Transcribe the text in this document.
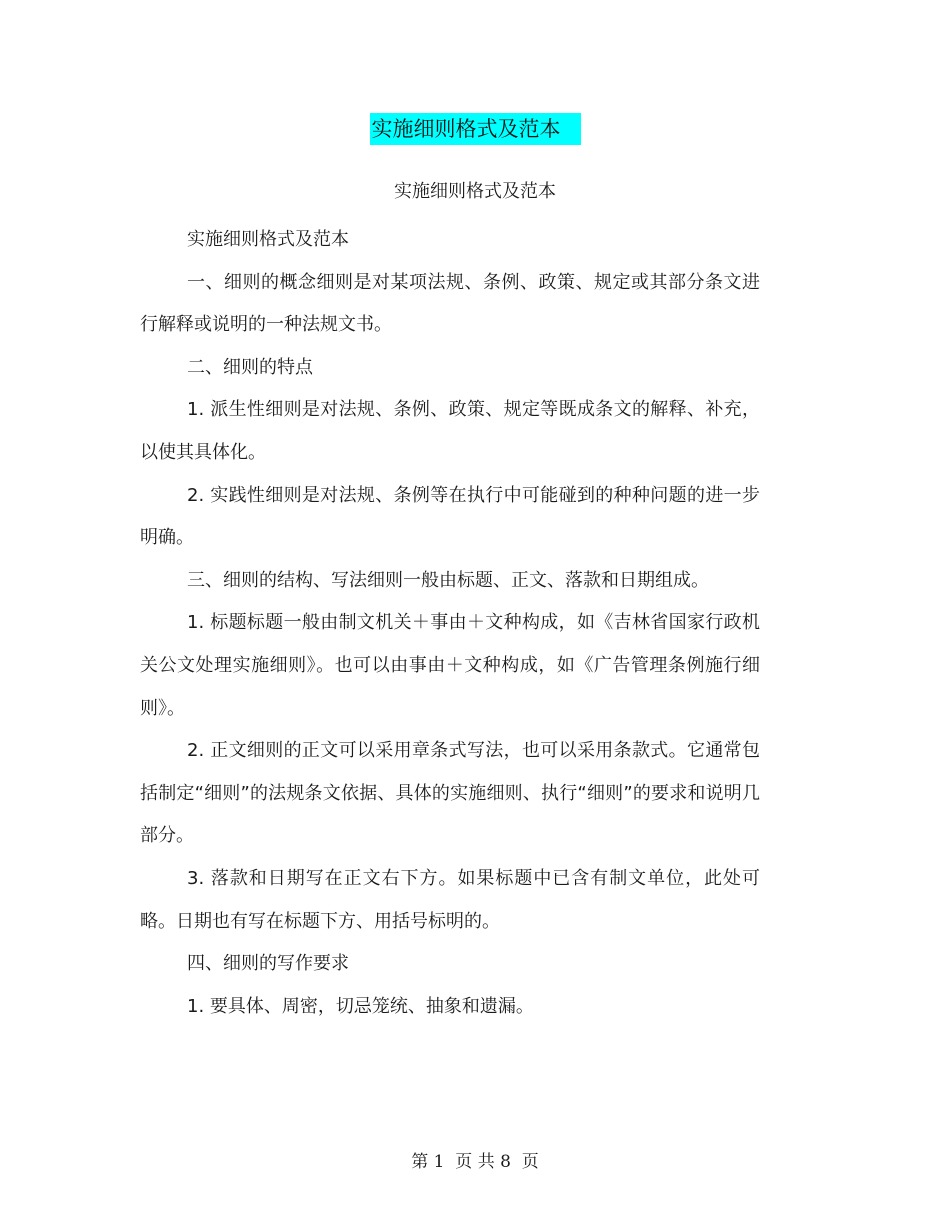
实施细则格式及范本
实施细则格式及范本

实施细则格式及范本

一、细则的概念细则是对某项法规、条例、政策、规定或其部分条文进行解释或说明的一种法规文书。

二、细则的特点

1. 派生性细则是对法规、条例、政策、规定等既成条文的解释、补充，以使其具体化。

2. 实践性细则是对法规、条例等在执行中可能碰到的种种问题的进一步明确。

三、细则的结构、写法细则一般由标题、正文、落款和日期组成。

1. 标题标题一般由制文机关＋事由＋文种构成，如《吉林省国家行政机关公文处理实施细则》。也可以由事由＋文种构成，如《广告管理条例施行细则》。

2. 正文细则的正文可以采用章条式写法，也可以采用条款式。它通常包括制定“细则”的法规条文依据、具体的实施细则、执行“细则”的要求和说明几部分。

3. 落款和日期写在正文右下方。如果标题中已含有制文单位，此处可略。日期也有写在标题下方、用括号标明的。

四、细则的写作要求

1. 要具体、周密，切忌笼统、抽象和遗漏。

第 1  页 共 8  页
